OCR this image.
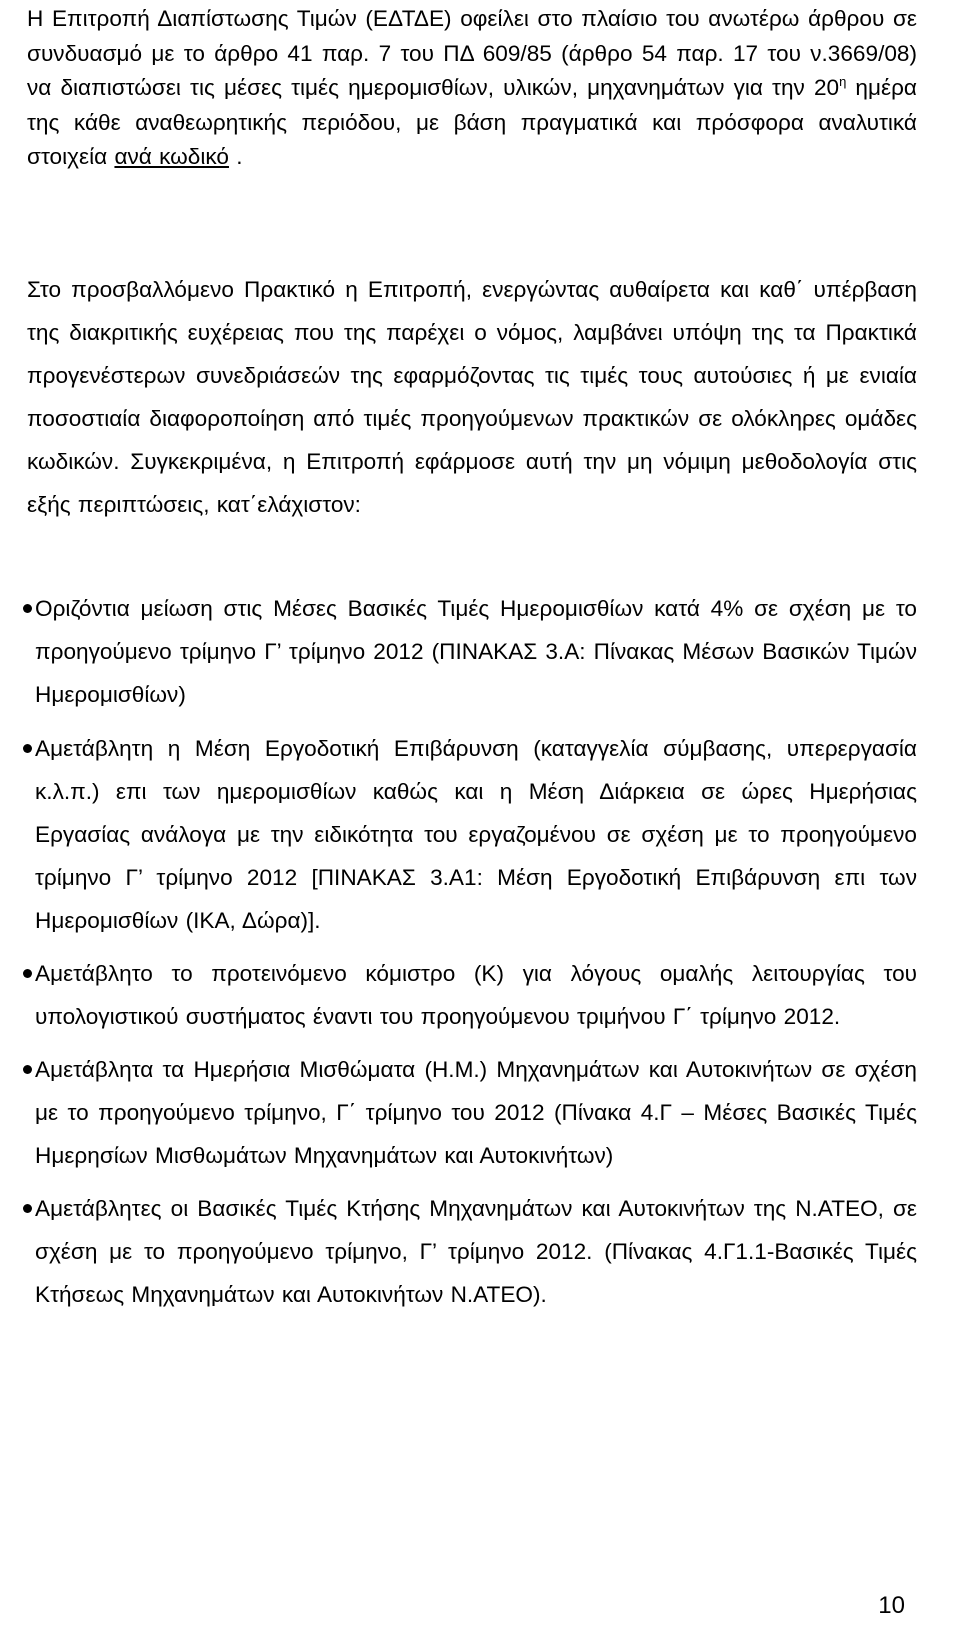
Η Επιτροπή Διαπίστωσης Τιμών (ΕΔΤΔΕ) οφείλει στο πλαίσιο του ανωτέρω άρθρου σε συνδυασμό με το άρθρο 41 παρ. 7 του ΠΔ 609/85 (άρθρο 54 παρ. 17 του ν.3669/08) να διαπιστώσει τις μέσες τιμές ημερομισθίων, υλικών, μηχανημάτων για την $20^\eta$ ημέρα της κάθε αναθεωρητικής περιόδου, με βάση πραγματικά και πρόσφορα αναλυτικά στοιχεία ανά κωδικό .

Στο προσβαλλόμενο Πρακτικό η Επιτροπή, ενεργώντας αυθαίρετα και καθ΄ υπέρβαση της διακριτικής ευχέρειας που της παρέχει ο νόμος, λαμβάνει υπόψη της τα Πρακτικά προγενέστερων συνεδριάσεών της εφαρμόζοντας τις τιμές τους αυτούσιες ή με ενιαία ποσοστιαία διαφοροποίηση από τιμές προηγούμενων πρακτικών σε ολόκληρες ομάδες κωδικών. Συγκεκριμένα, η Επιτροπή εφάρμοσε αυτή την μη νόμιμη μεθοδολογία στις εξής περιπτώσεις, κατ΄ελάχιστον:

Οριζόντια μείωση στις Μέσες Βασικές Τιμές Ημερομισθίων κατά 4% σε σχέση με το προηγούμενο τρίμηνο Γ’ τρίμηνο 2012 (ΠΙΝΑΚΑΣ 3.Α: Πίνακας Μέσων Βασικών Τιμών Ημερομισθίων)
Αμετάβλητη η Μέση Εργοδοτική Επιβάρυνση (καταγγελία σύμβασης, υπερεργασία κ.λ.π.) επι των ημερομισθίων καθώς και η Μέση Διάρκεια σε ώρες Ημερήσιας Εργασίας ανάλογα με την ειδικότητα του εργαζομένου σε σχέση με το προηγούμενο τρίμηνο Γ’ τρίμηνο 2012 [ΠΙΝΑΚΑΣ 3.Α1: Μέση Εργοδοτική Επιβάρυνση επι των Ημερομισθίων (ΙΚΑ, Δώρα)].
Αμετάβλητο το προτεινόμενο κόμιστρο (Κ) για λόγους ομαλής λειτουργίας του υπολογιστικού συστήματος έναντι του προηγούμενου τριμήνου Γ΄ τρίμηνο 2012.
Αμετάβλητα τα Ημερήσια Μισθώματα (Η.Μ.) Μηχανημάτων και Αυτοκινήτων σε σχέση με το προηγούμενο τρίμηνο, Γ΄ τρίμηνο του 2012 (Πίνακα 4.Γ – Μέσες Βασικές Τιμές Ημερησίων Μισθωμάτων Μηχανημάτων και Αυτοκινήτων)
Αμετάβλητες οι Βασικές Τιμές Κτήσης Μηχανημάτων και Αυτοκινήτων της Ν.ΑΤΕΟ, σε σχέση με το προηγούμενο τρίμηνο, Γ’ τρίμηνο 2012. (Πίνακας 4.Γ1.1-Βασικές Τιμές Κτήσεως Μηχανημάτων και Αυτοκινήτων Ν.ΑΤΕΟ).
10
